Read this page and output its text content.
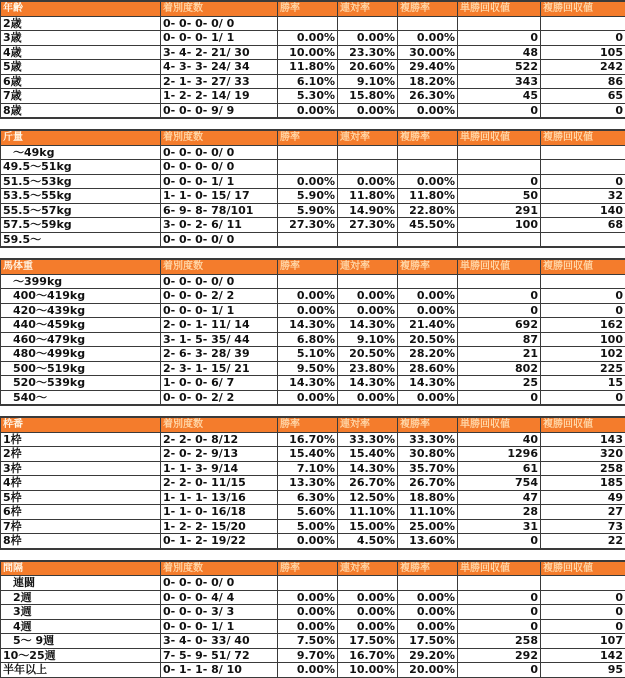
年齢	着別度数	勝率	連対率	複勝率	単勝回収値	複勝回収値
2歳	0- 0- 0- 0/ 0					
3歳	0- 0- 0- 1/ 1	0.00%	0.00%	0.00%	0	0
4歳	3- 4- 2- 21/ 30	10.00%	23.30%	30.00%	48	105
5歳	4- 3- 3- 24/ 34	11.80%	20.60%	29.40%	522	242
6歳	2- 1- 3- 27/ 33	6.10%	9.10%	18.20%	343	86
7歳	1- 2- 2- 14/ 19	5.30%	15.80%	26.30%	45	65
8歳	0- 0- 0- 9/ 9	0.00%	0.00%	0.00%	0	0
斤量	着別度数	勝率	連対率	複勝率	単勝回収値	複勝回収値
～49kg	0- 0- 0- 0/ 0					
49.5～51kg	0- 0- 0- 0/ 0					
51.5～53kg	0- 0- 0- 1/ 1	0.00%	0.00%	0.00%	0	0
53.5～55kg	1- 1- 0- 15/ 17	5.90%	11.80%	11.80%	50	32
55.5～57kg	6- 9- 8- 78/101	5.90%	14.90%	22.80%	291	140
57.5～59kg	3- 0- 2- 6/ 11	27.30%	27.30%	45.50%	100	68
59.5～	0- 0- 0- 0/ 0					
馬体重	着別度数	勝率	連対率	複勝率	単勝回収値	複勝回収値
～399kg	0- 0- 0- 0/ 0					
400～419kg	0- 0- 0- 2/ 2	0.00%	0.00%	0.00%	0	0
420～439kg	0- 0- 0- 1/ 1	0.00%	0.00%	0.00%	0	0
440～459kg	2- 0- 1- 11/ 14	14.30%	14.30%	21.40%	692	162
460～479kg	3- 1- 5- 35/ 44	6.80%	9.10%	20.50%	87	100
480～499kg	2- 6- 3- 28/ 39	5.10%	20.50%	28.20%	21	102
500～519kg	2- 3- 1- 15/ 21	9.50%	23.80%	28.60%	802	225
520～539kg	1- 0- 0- 6/ 7	14.30%	14.30%	14.30%	25	15
540～	0- 0- 0- 2/ 2	0.00%	0.00%	0.00%	0	0
枠番	着別度数	勝率	連対率	複勝率	単勝回収値	複勝回収値
1枠	2- 2- 0- 8/12	16.70%	33.30%	33.30%	40	143
2枠	2- 0- 2- 9/13	15.40%	15.40%	30.80%	1296	320
3枠	1- 1- 3- 9/14	7.10%	14.30%	35.70%	61	258
4枠	2- 2- 0- 11/15	13.30%	26.70%	26.70%	754	185
5枠	1- 1- 1- 13/16	6.30%	12.50%	18.80%	47	49
6枠	1- 1- 0- 16/18	5.60%	11.10%	11.10%	28	27
7枠	1- 2- 2- 15/20	5.00%	15.00%	25.00%	31	73
8枠	0- 1- 2- 19/22	0.00%	4.50%	13.60%	0	22
間隔	着別度数	勝率	連対率	複勝率	単勝回収値	複勝回収値
連闘	0- 0- 0- 0/ 0					
2週	0- 0- 0- 4/ 4	0.00%	0.00%	0.00%	0	0
3週	0- 0- 0- 3/ 3	0.00%	0.00%	0.00%	0	0
4週	0- 0- 0- 1/ 1	0.00%	0.00%	0.00%	0	0
5～ 9週	3- 4- 0- 33/ 40	7.50%	17.50%	17.50%	258	107
10～25週	7- 5- 9- 51/ 72	9.70%	16.70%	29.20%	292	142
半年以上	0- 1- 1- 8/ 10	0.00%	10.00%	20.00%	0	95
